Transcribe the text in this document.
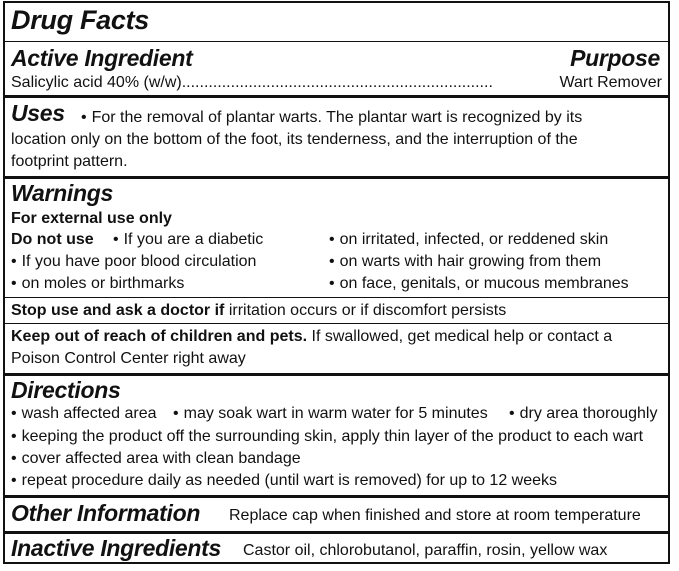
Drug Facts
Active Ingredient	Purpose
Salicylic acid 40% (w/w)......................................................................	Wart Remover
Uses •	For the removal of plantar warts. The plantar wart is recognized by its
location only on the bottom of the foot, its tenderness, and the interruption of the
footprint pattern.
Warnings
For external use only
Do not use	• If you are a diabetic
• If you have poor blood circulation
• on moles or birthmarks
• on irritated, infected, or reddened skin
• on warts with hair growing from them
• on face, genitals, or mucous membranes
Stop use and ask a doctor if irritation occurs or if discomfort persists
Keep out of reach of children and pets. If swallowed, get medical help or contact a
Poison Control Center right away
Directions
• wash affected area	• may soak wart in warm water for 5 minutes	• dry area thoroughly
• keeping the product off the surrounding skin, apply thin layer of the product to each wart
• cover affected area with clean bandage
• repeat procedure daily as needed (until wart is removed) for up to 12 weeks
Other Information Replace cap when finished and store at room temperature
Inactive Ingredients Castor oil, chlorobutanol, paraffin, rosin, yellow wax
